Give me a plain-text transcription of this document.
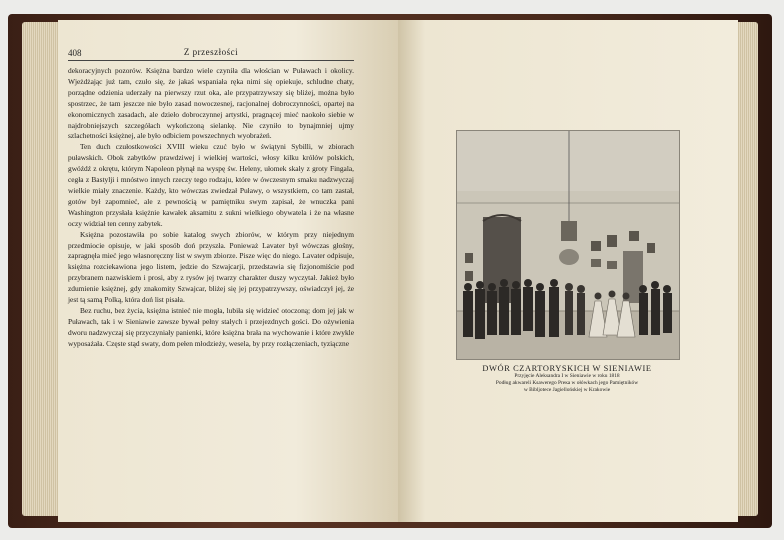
408	Z przeszłości

dekoracyjnych pozorów. Księżna bardzo wiele czyniła dla włościan w Puławach i okolicy. Wjeżdżając już tam, czuło się, że jakaś wspaniała ręka nimi się opiekuje, schludne chaty, porządne odzienia uderzały na pierwszy rzut oka, ale przypatrzywszy się bliżej, można było spostrzec, że tam jeszcze nie było zasad nowoczesnej, racjonalnej dobroczynności, opartej na ekonomicznych zasadach, ale dzieło dobroczynnej artystki, pragnącej mieć naokoło siebie w najdrobniejszych szczegółach wykończoną sielankę. Nie czyniło to bynajmniej ujmy szlachetności księżnej, ale było odbiciem powszechnych wyobrażeń.

Ten duch czułostkowości XVIII wieku czuć było w świątyni Sybilli, w zbiorach puławskich. Obok zabytków prawdziwej i wielkiej wartości, włosy kilku królów polskich, gwóźdź z okrętu, którym Napoleon płynął na wyspę św. Heleny, ułomek skały z groty Fingala, cegła z Bastylji i mnóstwo innych rzeczy tego rodzaju, które w ówczesnym smaku nadzwyczaj wielkie miały znaczenie. Każdy, kto wówczas zwiedzał Puławy, o wszystkiem, co tam zastał, gotów był zapomnieć, ale z pewnością w pamiętniku swym zapisał, że wnuczka pani Washington przysłała księżnie kawałek aksamitu z sukni wielkiego obywatela i że na własne oczy widział ten cenny zabytek.

Księżna pozostawiła po sobie katalog swych zbiorów, w którym przy niejednym przedmiocie opisuje, w jaki sposób doń przyszła. Ponieważ Lavater był wówczas głośny, zapragnęła mieć jego własnoręczny list w swym zbiorze. Pisze więc do niego. Lavater odpisuje, księżna rozciekawiona jego listem, jedzie do Szwajcarji, przedstawia się fizjonomiście pod przybranem nazwiskiem i prosi, aby z rysów jej twarzy charakter duszy wyczytał. Jakież było zdumienie księżnej, gdy znakomity Szwajcar, bliżej się jej przypatrzywszy, oświadczył jej, że jest tą samą Polką, która doń list pisała.

Bez ruchu, bez życia, księżna istnieć nie mogła, lubiła się widzieć otoczoną; dom jej jak w Puławach, tak i w Sieniawie zawsze bywał pełny stałych i przejezdnych gości. Do ożywienia dworu nadzwyczaj się przyczyniały panienki, które księżna brała na wychowanie i które zwykle wyposażała. Częste stąd swaty, dom pełen młodzieży, wesela, by przy rozłączeniach, tyziączne

DWÓR CZARTORYSKICH W SIENIAWIE
Przyjęcie Aleksandra I w Sieniawie w roku 1818
Podług akwareli Ksawerego Prека w ołówkach jego Pamiętników
w Bibljotece Jagiellońskiej w Krakowie
